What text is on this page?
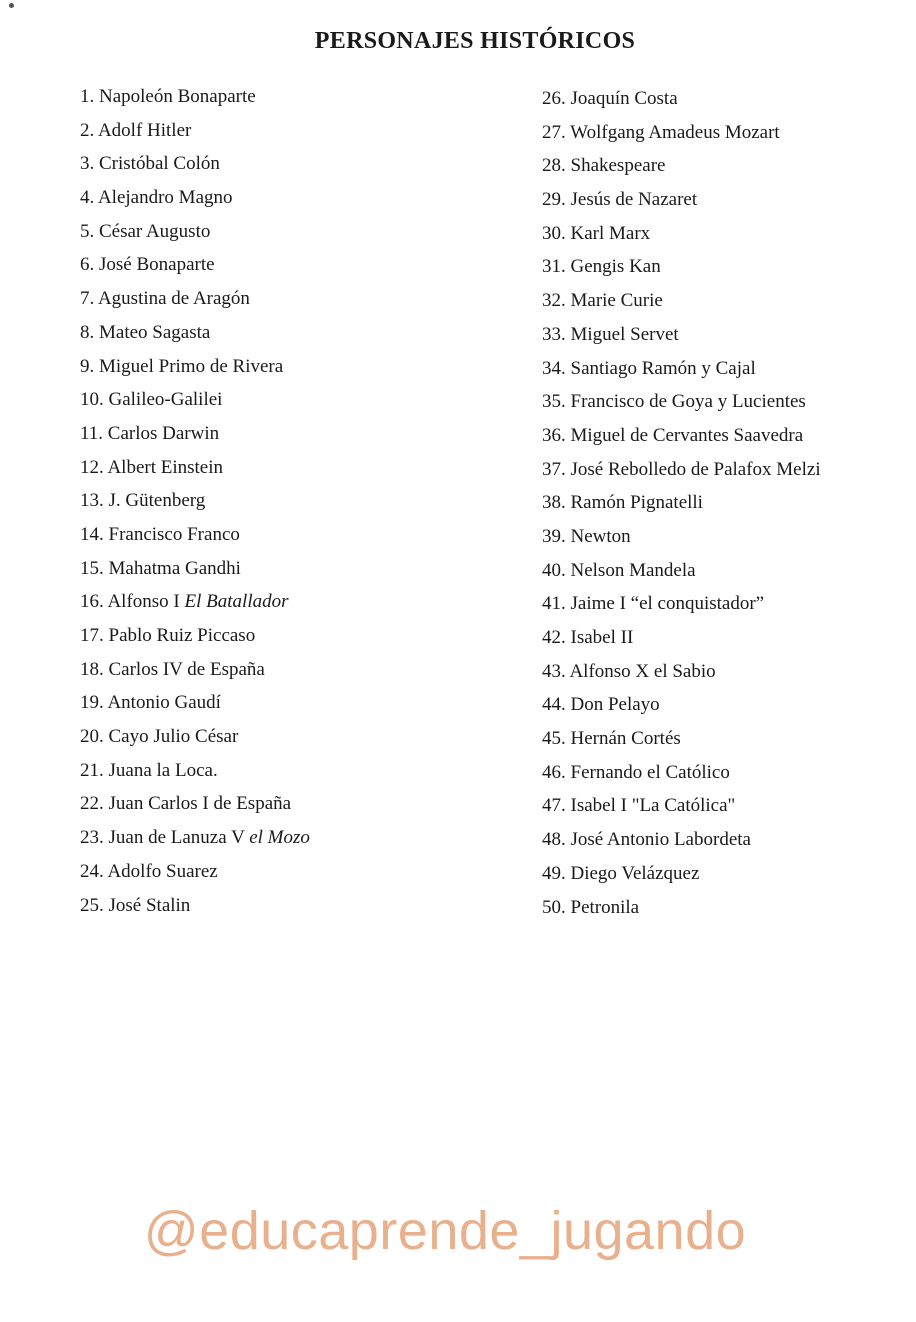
PERSONAJES HISTÓRICOS
1. Napoleón Bonaparte
2. Adolf Hitler
3. Cristóbal Colón
4. Alejandro Magno
5. César Augusto
6. José Bonaparte
7. Agustina de Aragón
8. Mateo Sagasta
9. Miguel Primo de Rivera
10. Galileo-Galilei
11. Carlos Darwin
12. Albert Einstein
13. J. Gütenberg
14. Francisco Franco
15. Mahatma Gandhi
16. Alfonso I El Batallador
17. Pablo Ruiz Piccaso
18. Carlos IV de España
19. Antonio Gaudí
20. Cayo Julio César
21. Juana la Loca.
22. Juan Carlos I de España
23. Juan de Lanuza V el Mozo
24. Adolfo Suarez
25. José Stalin
26. Joaquín Costa
27. Wolfgang Amadeus Mozart
28. Shakespeare
29. Jesús de Nazaret
30. Karl Marx
31. Gengis Kan
32. Marie Curie
33. Miguel Servet
34. Santiago Ramón y Cajal
35. Francisco de Goya y Lucientes
36. Miguel de Cervantes Saavedra
37. José Rebolledo de Palafox Melzi
38. Ramón Pignatelli
39. Newton
40. Nelson Mandela
41. Jaime I “el conquistador”
42. Isabel II
43. Alfonso X el Sabio
44. Don Pelayo
45. Hernán Cortés
46. Fernando el Católico
47. Isabel I "La Católica"
48. José Antonio Labordeta
49. Diego Velázquez
50. Petronila
@educaprende_jugando
